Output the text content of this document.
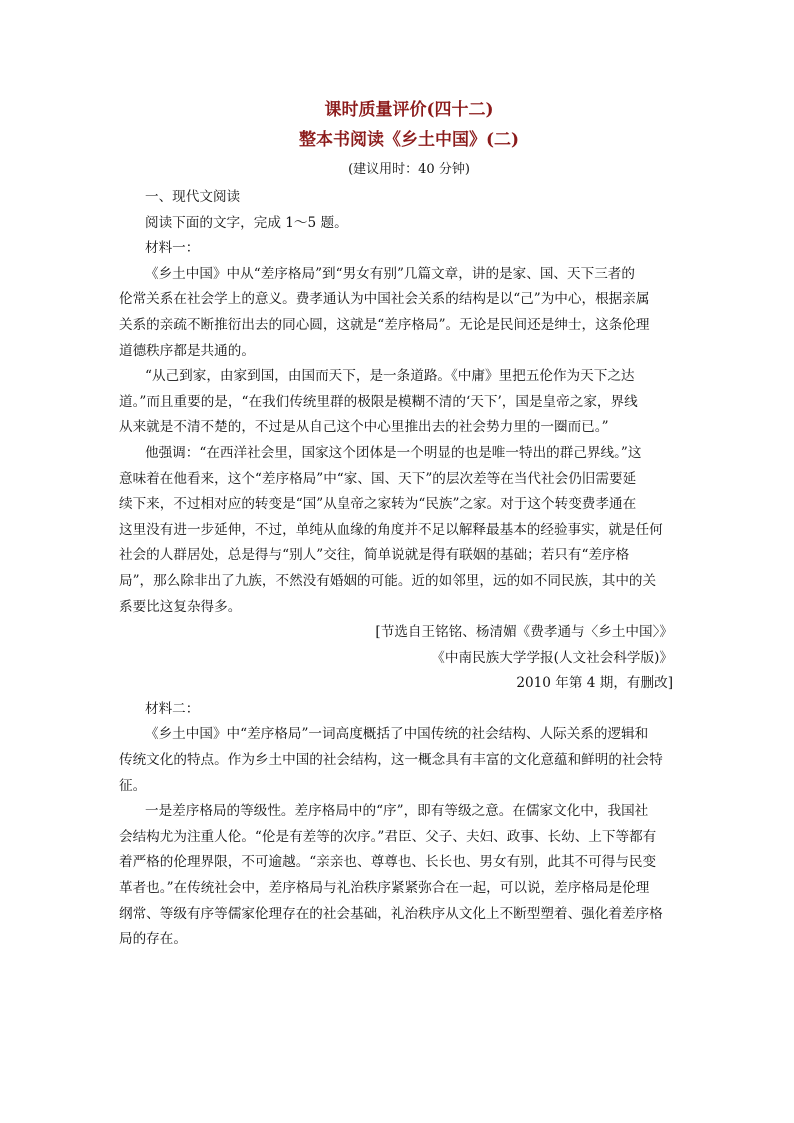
课时质量评价(四十二)
整本书阅读《乡土中国》(二)
(建议用时：40 分钟)
一、现代文阅读
阅读下面的文字，完成 1～5 题。
材料一：
《乡土中国》中从“差序格局”到“男女有别”几篇文章，讲的是家、国、天下三者的
伦常关系在社会学上的意义。费孝通认为中国社会关系的结构是以“己”为中心，根据亲属
关系的亲疏不断推衍出去的同心圆，这就是“差序格局”。无论是民间还是绅士，这条伦理
道德秩序都是共通的。
“从己到家，由家到国，由国而天下，是一条道路。《中庸》里把五伦作为天下之达
道。”而且重要的是，“在我们传统里群的极限是模糊不清的‘天下’，国是皇帝之家，界线
从来就是不清不楚的，不过是从自己这个中心里推出去的社会势力里的一圈而已。”
他强调：“在西洋社会里，国家这个团体是一个明显的也是唯一特出的群己界线。”这
意味着在他看来，这个“差序格局”中“家、国、天下”的层次差等在当代社会仍旧需要延
续下来，不过相对应的转变是“国”从皇帝之家转为“民族”之家。对于这个转变费孝通在
这里没有进一步延伸，不过，单纯从血缘的角度并不足以解释最基本的经验事实，就是任何
社会的人群居处，总是得与“别人”交往，简单说就是得有联姻的基础；若只有“差序格
局”，那么除非出了九族，不然没有婚姻的可能。近的如邻里，远的如不同民族，其中的关
系要比这复杂得多。
[节选自王铭铭、杨清媚《费孝通与〈乡土中国〉》
《中南民族大学学报(人文社会科学版)》
2010 年第 4 期，有删改]
材料二：
《乡土中国》中“差序格局”一词高度概括了中国传统的社会结构、人际关系的逻辑和
传统文化的特点。作为乡土中国的社会结构，这一概念具有丰富的文化意蕴和鲜明的社会特
征。
一是差序格局的等级性。差序格局中的“序”，即有等级之意。在儒家文化中，我国社
会结构尤为注重人伦。“伦是有差等的次序。”君臣、父子、夫妇、政事、长幼、上下等都有
着严格的伦理界限，不可逾越。“亲亲也、尊尊也、长长也、男女有别，此其不可得与民变
革者也。”在传统社会中，差序格局与礼治秩序紧紧弥合在一起，可以说，差序格局是伦理
纲常、等级有序等儒家伦理存在的社会基础，礼治秩序从文化上不断型塑着、强化着差序格
局的存在。
